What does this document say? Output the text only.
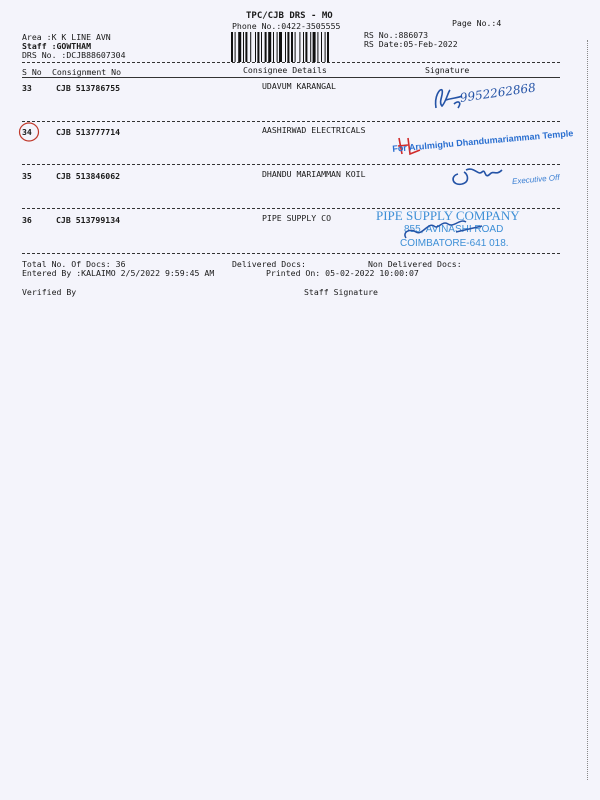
TPC/CJB DRS - MO
Phone No.:0422-3505555	Page No.:4
Area :K K LINE AVN
Staff :GOWTHAM
DRS No. :DCJB88607304
RS No.:886073
RS Date:05-Feb-2022
S No Consignment No	Consignee Details	Signature
33	CJB 513786755	UDAVUM KARANGAL
34	CJB 513777714	AASHIRWAD ELECTRICALS
35	CJB 513846062	DHANDU MARIAMMAN KOIL
36	CJB 513799134	PIPE SUPPLY CO
9952262868
For Arulmighu Dhandumariamman Temple
Executive Off
PIPE SUPPLY COMPANY
855, AVINASHI ROAD
COIMBATORE-641 018.
Total No. Of Docs: 36	Delivered Docs:	Non Delivered Docs:
Entered By :KALAIMO 2/5/2022 9:59:45 AM	Printed On: 05-02-2022 10:00:07
Verified By	Staff Signature
